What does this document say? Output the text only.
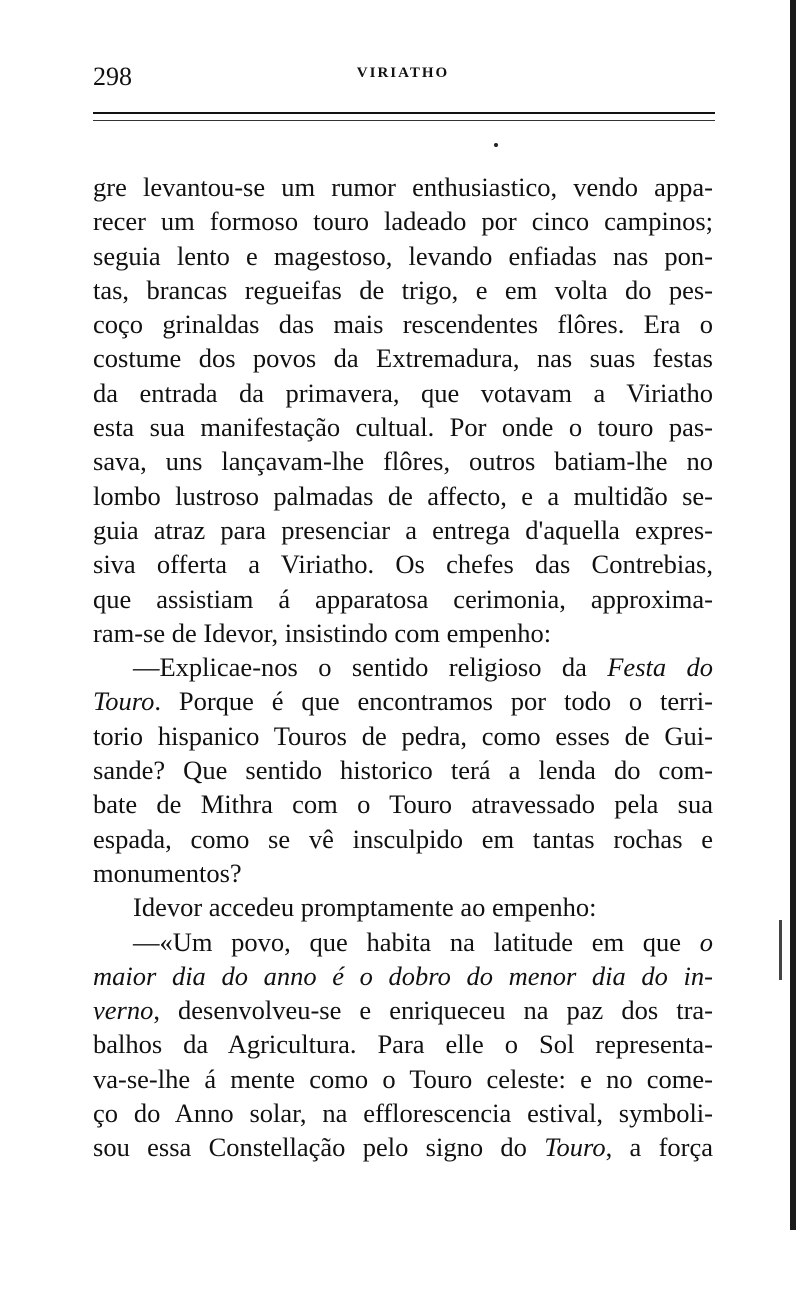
298	VIRIATHO
gre levantou-se um rumor enthusiastico, vendo appa-
recer um formoso touro ladeado por cinco campinos;
seguia lento e magestoso, levando enfiadas nas pon-
tas, brancas regueifas de trigo, e em volta do pes-
coço grinaldas das mais rescendentes flôres. Era o
costume dos povos da Extremadura, nas suas festas
da entrada da primavera, que votavam a Viriatho
esta sua manifestação cultual. Por onde o touro pas-
sava, uns lançavam-lhe flôres, outros batiam-lhe no
lombo lustroso palmadas de affecto, e a multidão se-
guia atraz para presenciar a entrega d'aquella expres-
siva offerta a Viriatho. Os chefes das Contrebias,
que assistiam á apparatosa cerimonia, approxima-
ram-se de Idevor, insistindo com empenho:
—Explicae-nos o sentido religioso da Festa do
Touro. Porque é que encontramos por todo o terri-
torio hispanico Touros de pedra, como esses de Gui-
sande? Que sentido historico terá a lenda do com-
bate de Mithra com o Touro atravessado pela sua
espada, como se vê insculpido em tantas rochas e
monumentos?
Idevor accedeu promptamente ao empenho:
—«Um povo, que habita na latitude em que o
maior dia do anno é o dobro do menor dia do in-
verno, desenvolveu-se e enriqueceu na paz dos tra-
balhos da Agricultura. Para elle o Sol representa-
va-se-lhe á mente como o Touro celeste: e no come-
ço do Anno solar, na efflorescencia estival, symboli-
sou essa Constellação pelo signo do Touro, a força
